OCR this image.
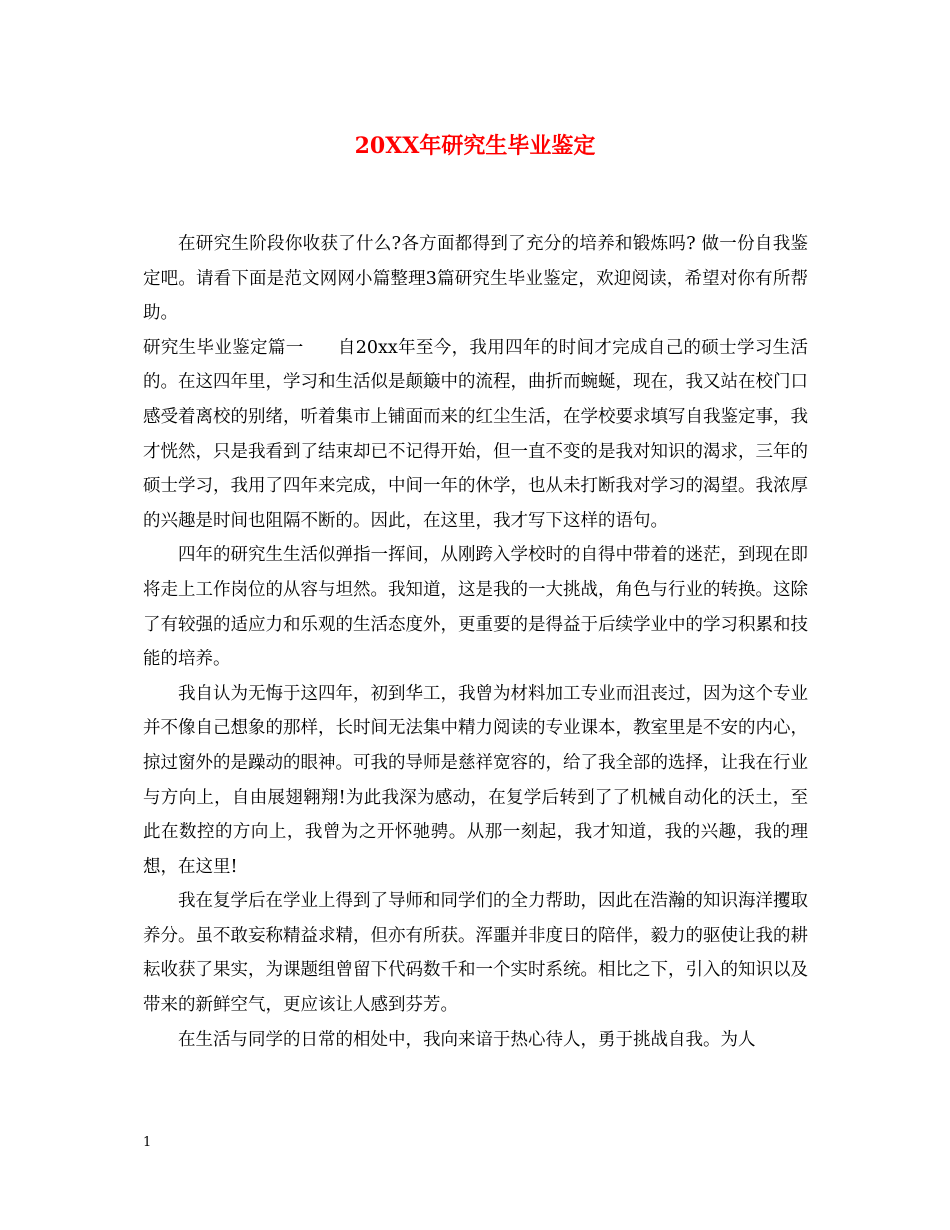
20XX年研究生毕业鉴定

在研究生阶段你收获了什么?各方面都得到了充分的培养和锻炼吗? 做一份自我鉴定吧。请看下面是范文网网小篇整理3篇研究生毕业鉴定，欢迎阅读，希望对你有所帮助。

研究生毕业鉴定篇一 自20xx年至今，我用四年的时间才完成自己的硕士学习生活的。在这四年里，学习和生活似是颠簸中的流程，曲折而蜿蜒，现在，我又站在校门口感受着离校的别绪，听着集市上铺面而来的红尘生活，在学校要求填写自我鉴定事，我才恍然，只是我看到了结束却已不记得开始，但一直不变的是我对知识的渴求，三年的硕士学习，我用了四年来完成，中间一年的休学，也从未打断我对学习的渴望。我浓厚的兴趣是时间也阻隔不断的。因此，在这里，我才写下这样的语句。

四年的研究生生活似弹指一挥间，从刚跨入学校时的自得中带着的迷茫，到现在即将走上工作岗位的从容与坦然。我知道，这是我的一大挑战，角色与行业的转换。这除了有较强的适应力和乐观的生活态度外，更重要的是得益于后续学业中的学习积累和技能的培养。

我自认为无悔于这四年，初到华工，我曾为材料加工专业而沮丧过，因为这个专业并不像自己想象的那样，长时间无法集中精力阅读的专业课本，教室里是不安的内心，掠过窗外的是躁动的眼神。可我的导师是慈祥宽容的，给了我全部的选择，让我在行业与方向上，自由展翅翱翔!为此我深为感动，在复学后转到了了机械自动化的沃土，至此在数控的方向上，我曾为之开怀驰骋。从那一刻起，我才知道，我的兴趣，我的理想，在这里!

我在复学后在学业上得到了导师和同学们的全力帮助，因此在浩瀚的知识海洋攫取养分。虽不敢妄称精益求精，但亦有所获。浑噩并非度日的陪伴，毅力的驱使让我的耕耘收获了果实，为课题组曾留下代码数千和一个实时系统。相比之下，引入的知识以及带来的新鲜空气，更应该让人感到芬芳。

在生活与同学的日常的相处中，我向来谙于热心待人，勇于挑战自我。为人

1
